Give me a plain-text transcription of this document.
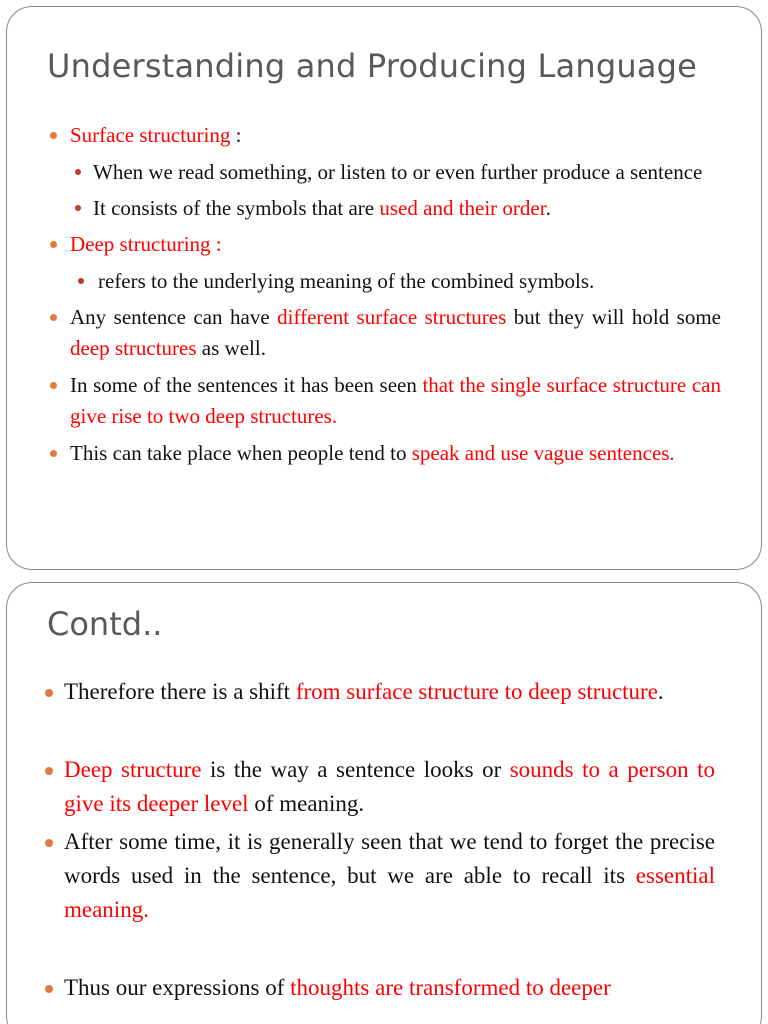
Understanding and Producing Language
Surface structuring :
When we read something, or listen to or even further produce a sentence
It consists of the symbols that are used and their order.
Deep structuring :
refers to the underlying meaning of the combined symbols.
Any sentence can have different surface structures but they will hold some deep structures as well.
In some of the sentences it has been seen that the single surface structure can give rise to two deep structures.
This can take place when people tend to speak and use vague sentences.
Contd..
Therefore there is a shift from surface structure to deep structure.
Deep structure is the way a sentence looks or sounds to a person to give its deeper level of meaning.
After some time, it is generally seen that we tend to forget the precise words used in the sentence, but we are able to recall its essential meaning.
Thus our expressions of thoughts are transformed to deeper
